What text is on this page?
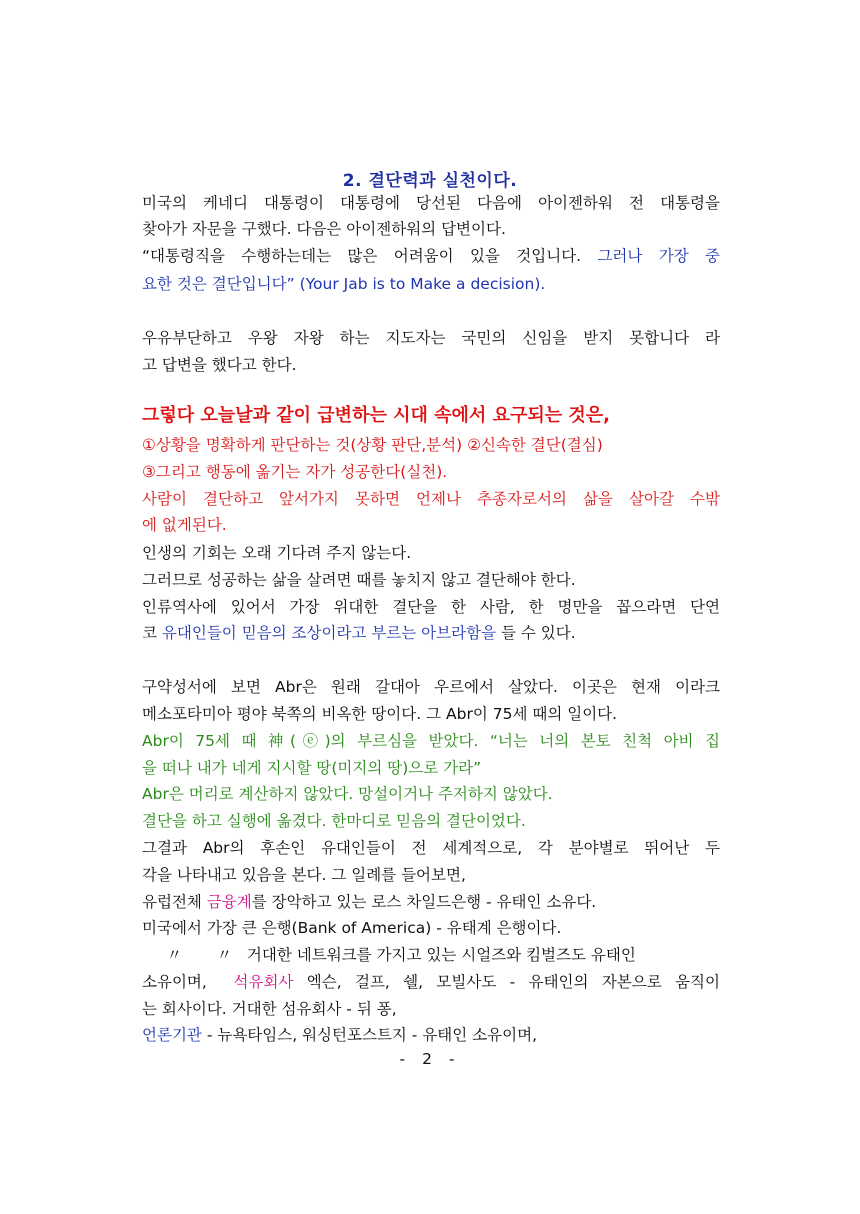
2. 결단력과 실천이다.
미국의 케네디 대통령이 대통령에 당선된 다음에 아이젠하워 전 대통령을
찾아가 자문을 구했다. 다음은 아이젠하워의 답변이다.
“대통령직을 수행하는데는 많은 어려움이 있을 것입니다. 그러나 가장 중
요한 것은 결단입니다” (Your Jab is to Make a decision).
우유부단하고 우왕 자왕 하는 지도자는 국민의 신임을 받지 못합니다 라
고 답변을 했다고 한다.
그렇다 오늘날과 같이 급변하는 시대 속에서 요구되는 것은,
①상황을 명확하게 판단하는 것(상황 판단,분석) ②신속한 결단(결심)
③그리고 행동에 옮기는 자가 성공한다(실천).
사람이 결단하고 앞서가지 못하면 언제나 추종자로서의 삶을 살아갈 수밖
에 없게된다.
인생의 기회는 오래 기다려 주지 않는다.
그러므로 성공하는 삶을 살려면 때를 놓치지 않고 결단해야 한다.
인류역사에 있어서 가장 위대한 결단을 한 사람, 한 명만을 꼽으라면 단연
코 유대인들이 믿음의 조상이라고 부르는 아브라함을 들 수 있다.
구약성서에 보면 Abr은 원래 갈대아 우르에서 살았다. 이곳은 현재 이라크
메소포타미아 평야 북쪽의 비옥한 땅이다. 그 Abr이 75세 때의 일이다.
Abr이 75세 때 神(ⓔ)의 부르심을 받았다. “너는 너의 본토 친척 아비 집
을 떠나 내가 네게 지시할 땅(미지의 땅)으로 가라”
Abr은 머리로 계산하지 않았다. 망설이거나 주저하지 않았다.
결단을 하고 실행에 옮겼다. 한마디로 믿음의 결단이었다.
그결과 Abr의 후손인 유대인들이 전 세계적으로, 각 분야별로 뛰어난 두
각을 나타내고 있음을 본다. 그 일례를 들어보면,
유럽전체 금융계를 장악하고 있는 로스 차일드은행 - 유태인 소유다.
미국에서 가장 큰 은행(Bank of America) - 유태계 은행이다.
〃       〃   거대한 네트워크를 가지고 있는 시얼즈와 킴벌즈도 유태인
소유이며,  석유회사 엑슨, 걸프, 쉘, 모빌사도 - 유태인의 자본으로 움직이
는 회사이다. 거대한 섬유회사 - 뒤 퐁,
언론기관 - 뉴욕타임스, 워싱턴포스트지 - 유태인 소유이며,
- 2 -
